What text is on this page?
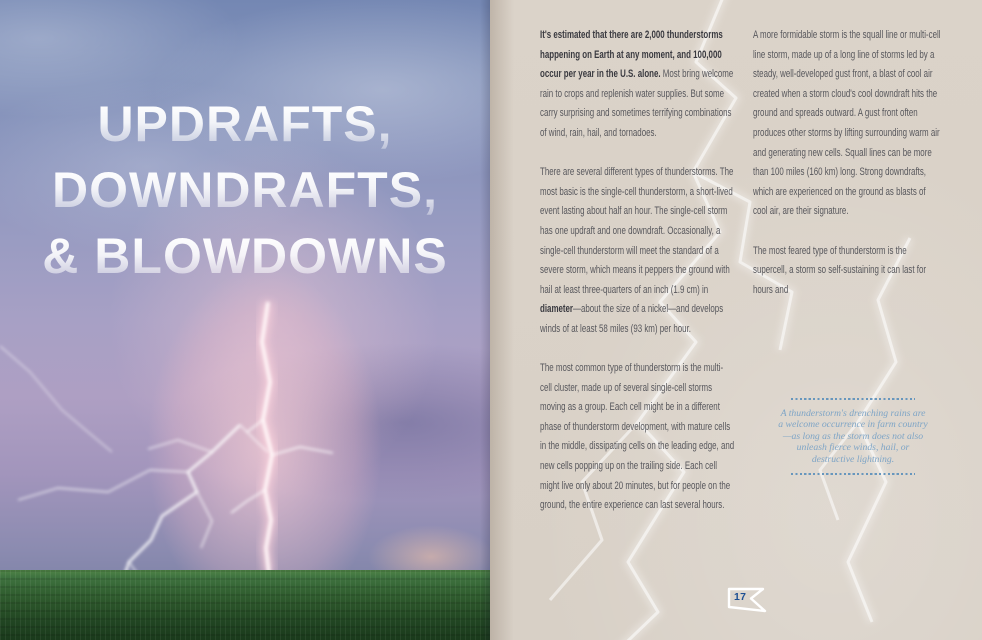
UPDRAFTS,
DOWNDRAFTS,
& BLOWDOWNS

It's estimated that there are 2,000 thunderstorms happening on Earth at any moment, and 100,000 occur per year in the U.S. alone. Most bring welcome rain to crops and replenish water supplies. But some carry surprising and sometimes terrifying combinations of wind, rain, hail, and tornadoes.

There are several different types of thunderstorms. The most basic is the single-cell thunderstorm, a short-lived event lasting about half an hour. The single-cell storm has one updraft and one downdraft. Occasionally, a single-cell thunderstorm will meet the standard of a severe storm, which means it peppers the ground with hail at least three-quarters of an inch (1.9 cm) in diameter—about the size of a nickel—and develops winds of at least 58 miles (93 km) per hour.

The most common type of thunderstorm is the multi-cell cluster, made up of several single-cell storms moving as a group. Each cell might be in a different phase of thunderstorm development, with mature cells in the middle, dissipating cells on the leading edge, and new cells popping up on the trailing side. Each cell might live only about 20 minutes, but for people on the ground, the entire experience can last several hours.

A more formidable storm is the squall line or multi-cell line storm, made up of a long line of storms led by a steady, well-developed gust front, a blast of cool air created when a storm cloud's cool downdraft hits the ground and spreads outward. A gust front often produces other storms by lifting surrounding warm air and generating new cells. Squall lines can be more than 100 miles (160 km) long. Strong downdrafts, which are experienced on the ground as blasts of cool air, are their signature.

The most feared type of thunderstorm is the supercell, a storm so self-sustaining it can last for hours and

A thunderstorm's drenching rains are a welcome occurrence in farm country—as long as the storm does not also unleash fierce winds, hail, or destructive lightning.

17
